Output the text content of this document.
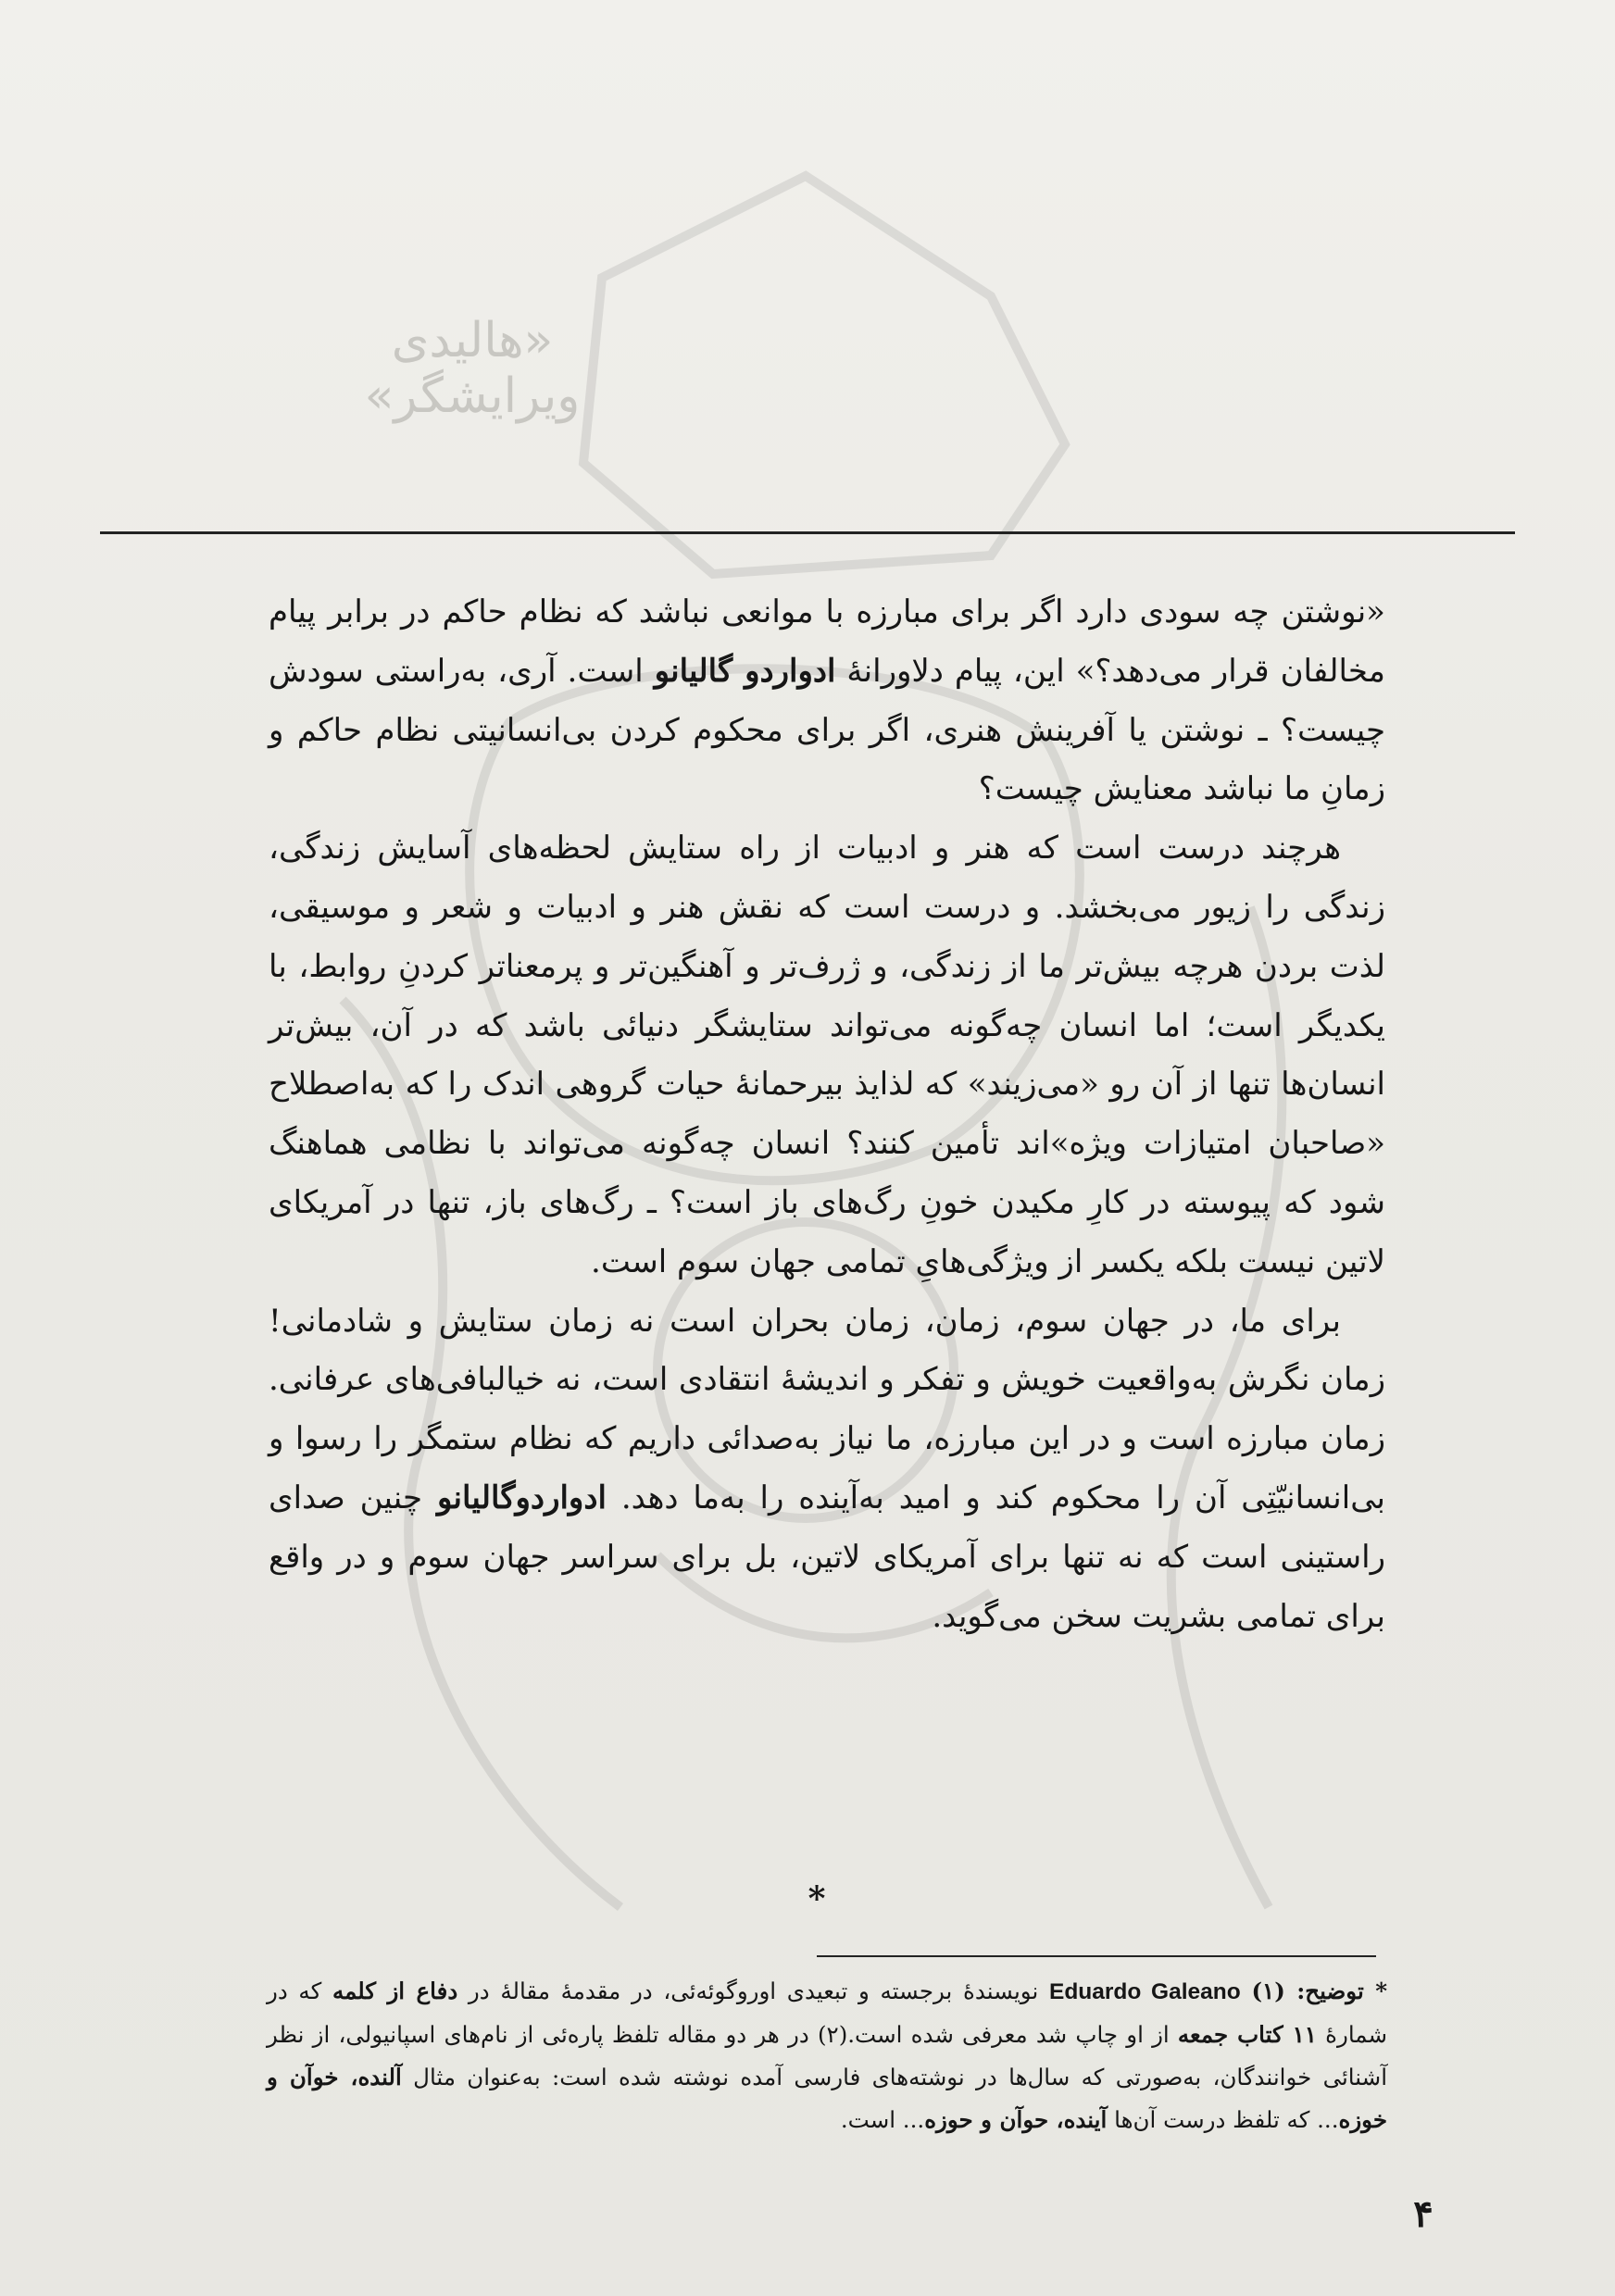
«هالیدی ویرایشگر»

«نوشتن چه سودی دارد اگر برای مبارزه با موانعی نباشد که نظام حاکم در برابر پیام مخالفان قرار می‌دهد؟» این، پیام دلاورانهٔ ادواردو گالیانو است. آری، به‌راستی سودش چیست؟ ـ نوشتن یا آفرینش هنری، اگر برای محکوم کردن بی‌انسانیتی نظام حاکم و زمانِ ما نباشد معنایش چیست؟

هرچند درست است که هنر و ادبیات از راه ستایش لحظه‌های آسایش زندگی، زندگی را زیور می‌بخشد. و درست است که نقش هنر و ادبیات و شعر و موسیقی، لذت بردن هرچه بیش‌تر ما از زندگی، و ژرف‌تر و آهنگین‌تر و پرمعناتر کردنِ روابط، با یکدیگر است؛ اما انسان چه‌گونه می‌تواند ستایشگر دنیائی باشد که در آن، بیش‌تر انسان‌ها تنها از آن رو «می‌زیند» که لذایذ بیرحمانهٔ حیات گروهی اندک را که به‌اصطلاح «صاحبان امتیازات ویژه»اند تأمین کنند؟ انسان چه‌گونه می‌تواند با نظامی هماهنگ شود که پیوسته در کارِ مکیدن خونِ رگ‌های باز است؟ ـ رگ‌های باز، تنها در آمریکای لاتین نیست بلکه یکسر از ویژگی‌هایِ تمامی جهان سوم است.

برای ما، در جهان سوم، زمان، زمان بحران است نه زمان ستایش و شادمانی! زمان نگرش به‌واقعیت خویش و تفکر و اندیشهٔ انتقادی است، نه خیالبافی‌های عرفانی. زمان مبارزه است و در این مبارزه، ما نیاز به‌صدائی داریم که نظام ستمگر را رسوا و بی‌انسانیّتِی آن را محکوم کند و امید به‌آینده را به‌ما دهد. ادواردوگالیانو چنین صدای راستینی است که نه تنها برای آمریکای لاتین، بل برای سراسر جهان سوم و در واقع برای تمامی بشریت سخن می‌گوید.

*
* توضیح: (۱) Eduardo Galeano نویسندهٔ برجسته و تبعیدی اوروگوئه‌ئی، در مقدمهٔ مقالهٔ در دفاع از کلمه که در شمارهٔ ۱۱ کتاب جمعه از او چاپ شد معرفی شده است.(۲) در هر دو مقاله تلفظ پاره‌ئی از نام‌های اسپانیولی، از نظر آشنائی خوانندگان، به‌صورتی که سال‌ها در نوشته‌های فارسی آمده نوشته شده است: به‌عنوان مثال آلنده، خوآن و خوزه... که تلفظ درست آن‌ها آینده، حوآن و حوزه... است.
۴
